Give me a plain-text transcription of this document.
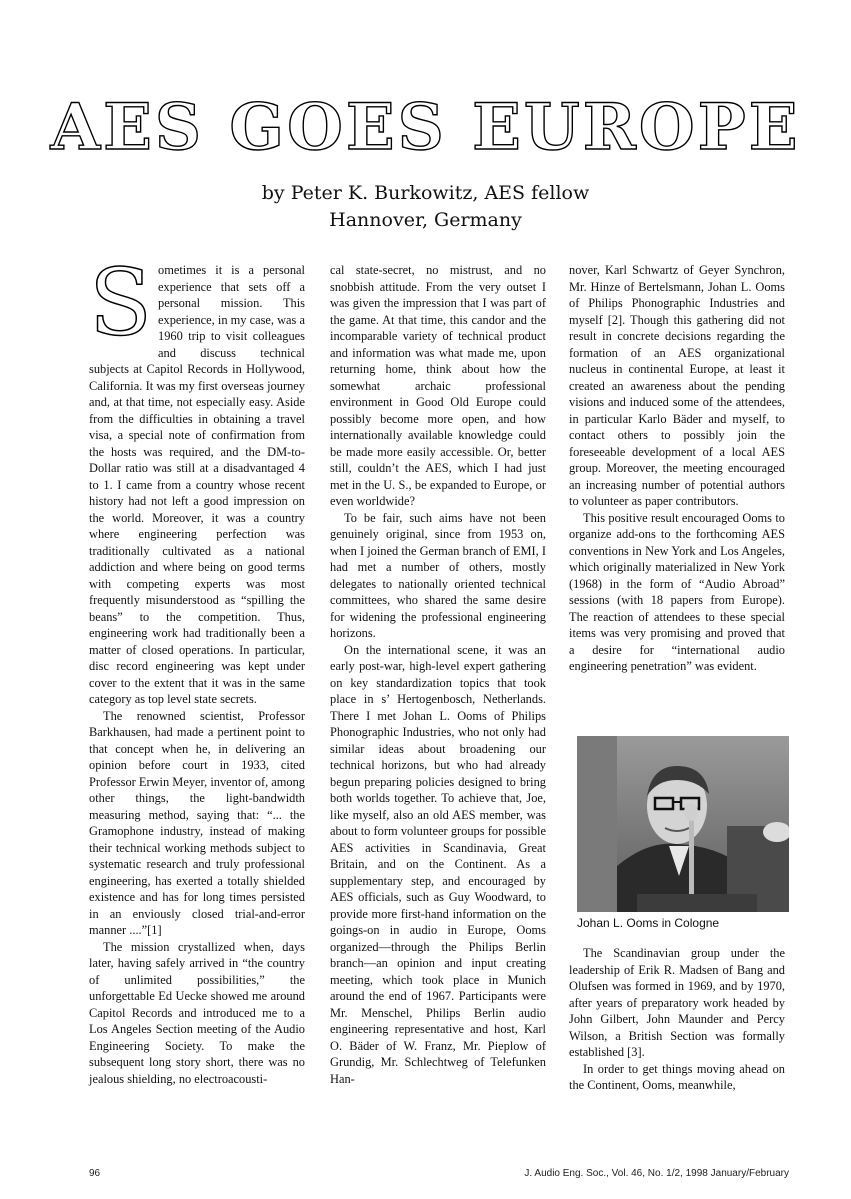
AES GOES EUROPE
by Peter K. Burkowitz, AES fellow
Hannover, Germany

Sometimes it is a personal experience that sets off a personal mission. This experience, in my case, was a 1960 trip to visit colleagues and discuss technical subjects at Capitol Records in Hollywood, California. It was my first overseas journey and, at that time, not especially easy. Aside from the difficulties in obtaining a travel visa, a special note of confirmation from the hosts was required, and the DM-to-Dollar ratio was still at a disadvantaged 4 to 1. I came from a country whose recent history had not left a good impression on the world. Moreover, it was a country where engineering perfection was traditionally cultivated as a national addiction and where being on good terms with competing experts was most frequently misunderstood as “spilling the beans” to the competition. Thus, engineering work had traditionally been a matter of closed operations. In particular, disc record engineering was kept under cover to the extent that it was in the same category as top level state secrets.

The renowned scientist, Professor Barkhausen, had made a pertinent point to that concept when he, in delivering an opinion before court in 1933, cited Professor Erwin Meyer, inventor of, among other things, the light-bandwidth measuring method, saying that: “... the Gramophone industry, instead of making their technical working methods subject to systematic research and truly professional engineering, has exerted a totally shielded existence and has for long times persisted in an enviously closed trial-and-error manner ....”[1]

The mission crystallized when, days later, having safely arrived in “the country of unlimited possibilities,” the unforgettable Ed Uecke showed me around Capitol Records and introduced me to a Los Angeles Section meeting of the Audio Engineering Society. To make the subsequent long story short, there was no jealous shielding, no electroacousti-

cal state-secret, no mistrust, and no snobbish attitude. From the very outset I was given the impression that I was part of the game. At that time, this candor and the incomparable variety of technical product and information was what made me, upon returning home, think about how the somewhat archaic professional environment in Good Old Europe could possibly become more open, and how internationally available knowledge could be made more easily accessible. Or, better still, couldn’t the AES, which I had just met in the U. S., be expanded to Europe, or even worldwide?

To be fair, such aims have not been genuinely original, since from 1953 on, when I joined the German branch of EMI, I had met a number of others, mostly delegates to nationally oriented technical committees, who shared the same desire for widening the professional engineering horizons.

On the international scene, it was an early post-war, high-level expert gathering on key standardization topics that took place in s’ Hertogenbosch, Netherlands. There I met Johan L. Ooms of Philips Phonographic Industries, who not only had similar ideas about broadening our technical horizons, but who had already begun preparing policies designed to bring both worlds together. To achieve that, Joe, like myself, also an old AES member, was about to form volunteer groups for possible AES activities in Scandinavia, Great Britain, and on the Continent. As a supplementary step, and encouraged by AES officials, such as Guy Woodward, to provide more first-hand information on the goings-on in audio in Europe, Ooms organized—through the Philips Berlin branch—an opinion and input creating meeting, which took place in Munich around the end of 1967. Participants were Mr. Menschel, Philips Berlin audio engineering representative and host, Karl O. Bäder of W. Franz, Mr. Pieplow of Grundig, Mr. Schlechtweg of Telefunken Han-

nover, Karl Schwartz of Geyer Synchron, Mr. Hinze of Bertelsmann, Johan L. Ooms of Philips Phonographic Industries and myself [2]. Though this gathering did not result in concrete decisions regarding the formation of an AES organizational nucleus in continental Europe, at least it created an awareness about the pending visions and induced some of the attendees, in particular Karlo Bäder and myself, to contact others to possibly join the foreseeable development of a local AES group. Moreover, the meeting encouraged an increasing number of potential authors to volunteer as paper contributors.

This positive result encouraged Ooms to organize add-ons to the forthcoming AES conventions in New York and Los Angeles, which originally materialized in New York (1968) in the form of “Audio Abroad” sessions (with 18 papers from Europe). The reaction of attendees to these special items was very promising and proved that a desire for “international audio engineering penetration” was evident.

Johan L. Ooms in Cologne

The Scandinavian group under the leadership of Erik R. Madsen of Bang and Olufsen was formed in 1969, and by 1970, after years of preparatory work headed by John Gilbert, John Maunder and Percy Wilson, a British Section was formally established [3].

In order to get things moving ahead on the Continent, Ooms, meanwhile,

96	J. Audio Eng. Soc., Vol. 46, No. 1/2, 1998 January/February
